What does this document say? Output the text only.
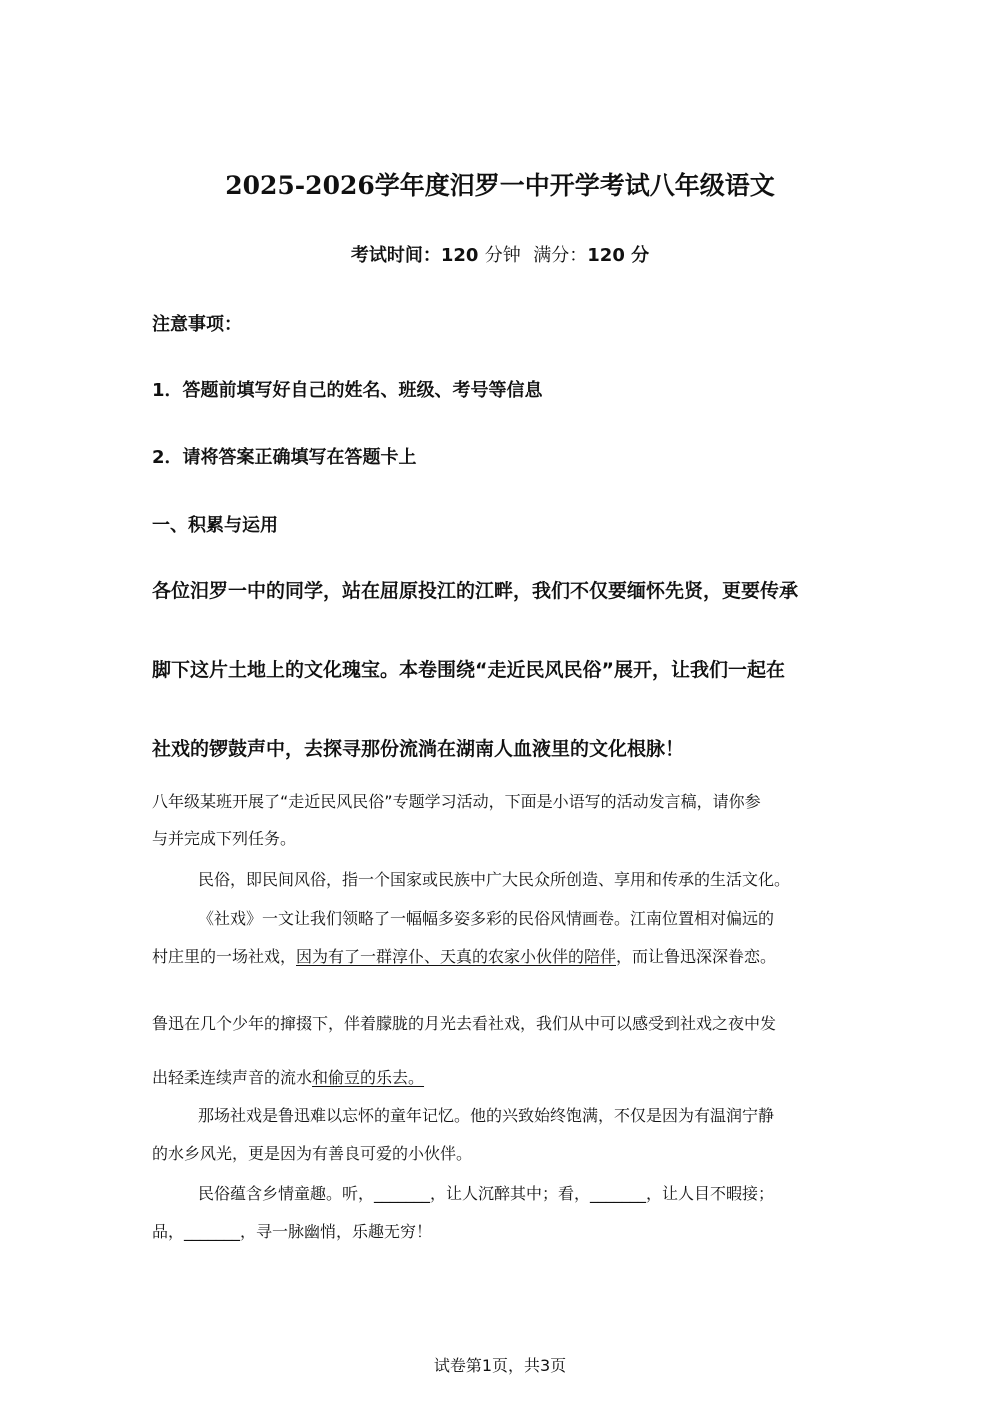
2025-2026学年度汨罗一中开学考试八年级语文
考试时间：120 分钟 满分：120 分
注意事项：
1．答题前填写好自己的姓名、班级、考号等信息
2．请将答案正确填写在答题卡上
一、积累与运用
各位汨罗一中的同学，站在屈原投江的江畔，我们不仅要缅怀先贤，更要传承
脚下这片土地上的文化瑰宝。本卷围绕“走近民风民俗”展开，让我们一起在
社戏的锣鼓声中，去探寻那份流淌在湖南人血液里的文化根脉！
八年级某班开展了“走近民风民俗”专题学习活动，下面是小语写的活动发言稿，请你参
与并完成下列任务。
民俗，即民间风俗，指一个国家或民族中广大民众所创造、享用和传承的生活文化。
《社戏》一文让我们领略了一幅幅多姿多彩的民俗风情画卷。江南位置相对偏远的
村庄里的一场社戏，因为有了一群淳仆、天真的农家小伙伴的陪伴，而让鲁迅深深眷恋。
鲁迅在几个少年的撺掇下，伴着朦胧的月光去看社戏，我们从中可以感受到社戏之夜中发
出轻柔连续声音的流水和偷豆的乐去。
那场社戏是鲁迅难以忘怀的童年记忆。他的兴致始终饱满，不仅是因为有温润宁静
的水乡风光，更是因为有善良可爱的小伙伴。
民俗蕴含乡情童趣。听，_______，让人沉醉其中；看，_______，让人目不暇接；
品，_______，寻一脉幽悄，乐趣无穷！
试卷第1页，共3页
